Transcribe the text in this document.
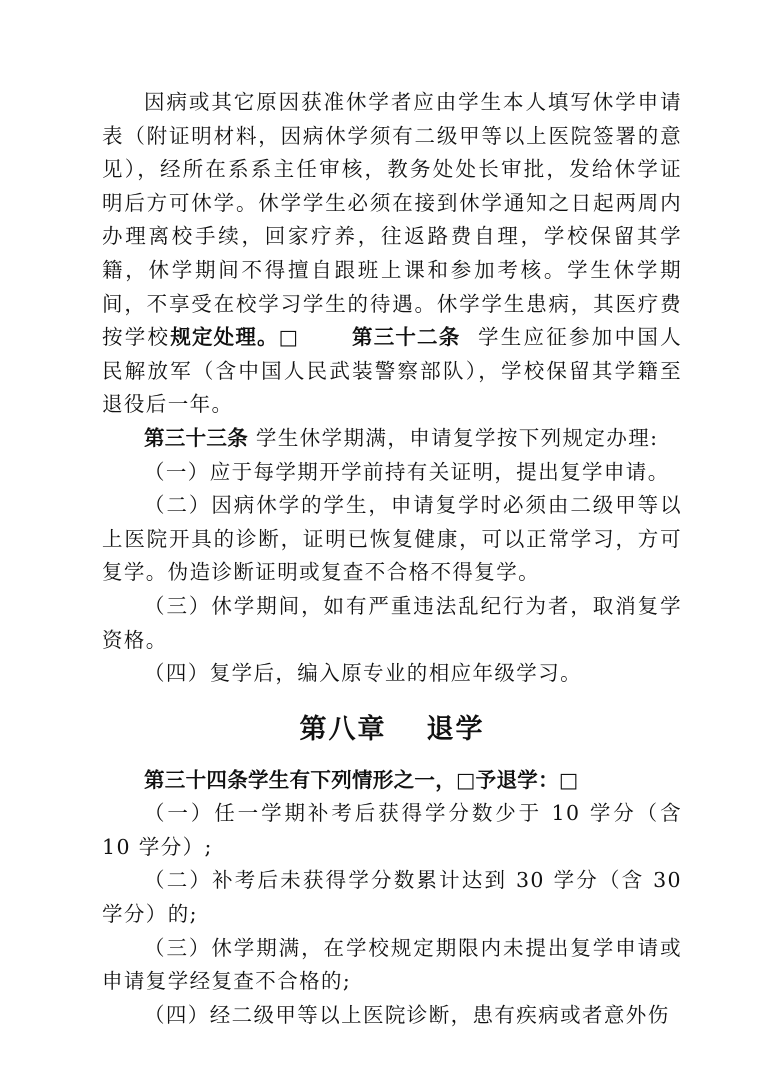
因病或其它原因获准休学者应由学生本人填写休学申请表（附证明材料，因病休学须有二级甲等以上医院签署的意见），经所在系系主任审核，教务处处长审批，发给休学证明后方可休学。休学学生必须在接到休学通知之日起两周内办理离校手续，回家疗养，往返路费自理，学校保留其学籍，休学期间不得擅自跟班上课和参加考核。学生休学期间，不享受在校学习学生的待遇。休学学生患病，其医疗费按学校规定处理。□	第三十二条 学生应征参加中国人民解放军（含中国人民武装警察部队），学校保留其学籍至退役后一年。

第三十三条 学生休学期满，申请复学按下列规定办理:

（一）应于每学期开学前持有关证明，提出复学申请。

（二）因病休学的学生，申请复学时必须由二级甲等以上医院开具的诊断，证明已恢复健康，可以正常学习，方可复学。伪造诊断证明或复查不合格不得复学。

（三）休学期间，如有严重违法乱纪行为者，取消复学资格。

（四）复学后，编入原专业的相应年级学习。

第八章 退学

第三十四条学生有下列情形之一，□予退学：□

（一）任一学期补考后获得学分数少于 10 学分（含 10 学分）;

（二）补考后未获得学分数累计达到 30 学分（含 30 学分）的;

（三）休学期满，在学校规定期限内未提出复学申请或申请复学经复查不合格的;

（四）经二级甲等以上医院诊断，患有疾病或者意外伤
